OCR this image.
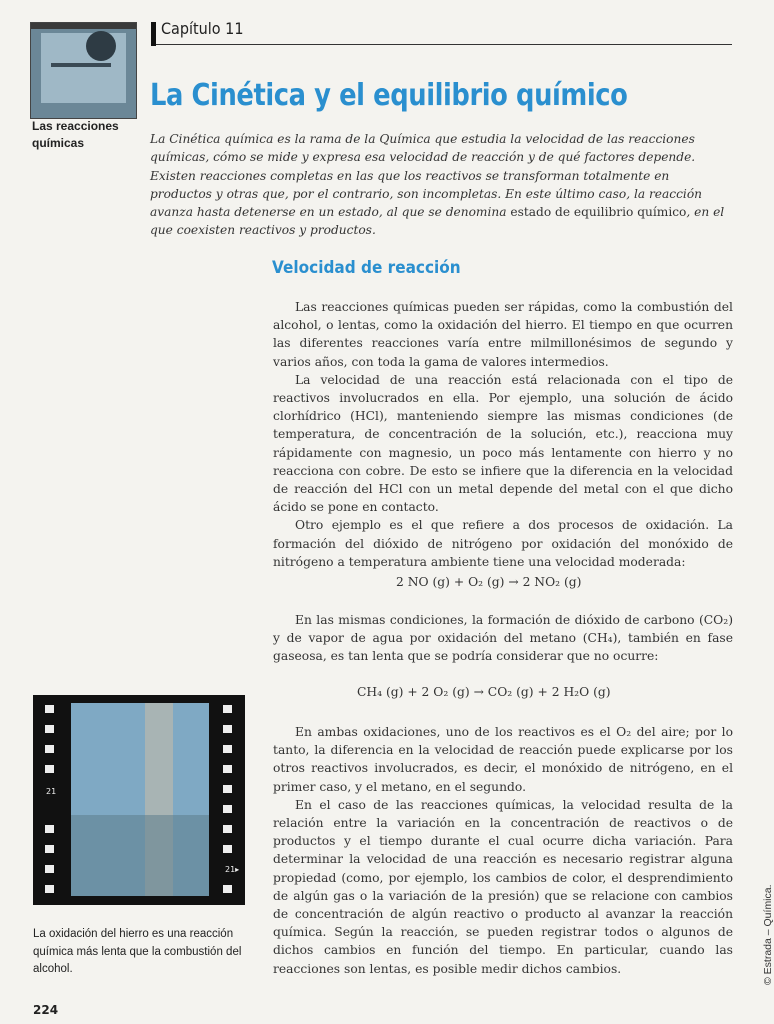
Las reacciones químicas
Capítulo 11
La Cinética y el equilibrio químico
La Cinética química es la rama de la Química que estudia la velocidad de las reacciones químicas, cómo se mide y expresa esa velocidad de reacción y de qué factores depende. Existen reacciones completas en las que los reactivos se transforman totalmente en productos y otras que, por el contrario, son incompletas. En este último caso, la reacción avanza hasta detenerse en un estado, al que se denomina estado de equilibrio químico, en el que coexisten reactivos y productos.
Velocidad de reacción

Las reacciones químicas pueden ser rápidas, como la combustión del alcohol, o lentas, como la oxidación del hierro. El tiempo en que ocurren las diferentes reacciones varía entre milmillonésimos de segundo y varios años, con toda la gama de valores intermedios.

La velocidad de una reacción está relacionada con el tipo de reactivos involucrados en ella. Por ejemplo, una solución de ácido clorhídrico (HCl), manteniendo siempre las mismas condiciones (de temperatura, de concentración de la solución, etc.), reacciona muy rápidamente con magnesio, un poco más lentamente con hierro y no reacciona con cobre. De esto se infiere que la diferencia en la velocidad de reacción del HCl con un metal depende del metal con el que dicho ácido se pone en contacto.

Otro ejemplo es el que refiere a dos procesos de oxidación. La formación del dióxido de nitrógeno por oxidación del monóxido de nitrógeno a temperatura ambiente tiene una velocidad moderada:

2 NO (g) + O₂ (g) → 2 NO₂ (g)

En las mismas condiciones, la formación de dióxido de carbono (CO₂) y de vapor de agua por oxidación del metano (CH₄), también en fase gaseosa, es tan lenta que se podría considerar que no ocurre:

CH₄ (g) + 2 O₂ (g) → CO₂ (g) + 2 H₂O (g)

En ambas oxidaciones, uno de los reactivos es el O₂ del aire; por lo tanto, la diferencia en la velocidad de reacción puede explicarse por los otros reactivos involucrados, es decir, el monóxido de nitrógeno, en el primer caso, y el metano, en el segundo.

En el caso de las reacciones químicas, la velocidad resulta de la relación entre la variación en la concentración de reactivos o de productos y el tiempo durante el cual ocurre dicha variación. Para determinar la velocidad de una reacción es necesario registrar alguna propiedad (como, por ejemplo, los cambios de color, el desprendimiento de algún gas o la variación de la presión) que se relacione con cambios de concentración de algún reactivo o producto al avanzar la reacción química. Según la reacción, se pueden registrar todos o algunos de dichos cambios en función del tiempo. En particular, cuando las reacciones son lentas, es posible medir dichos cambios.

21
21▸
La oxidación del hierro es una reacción química más lenta que la combustión del alcohol.
224
© Estrada – Química.
